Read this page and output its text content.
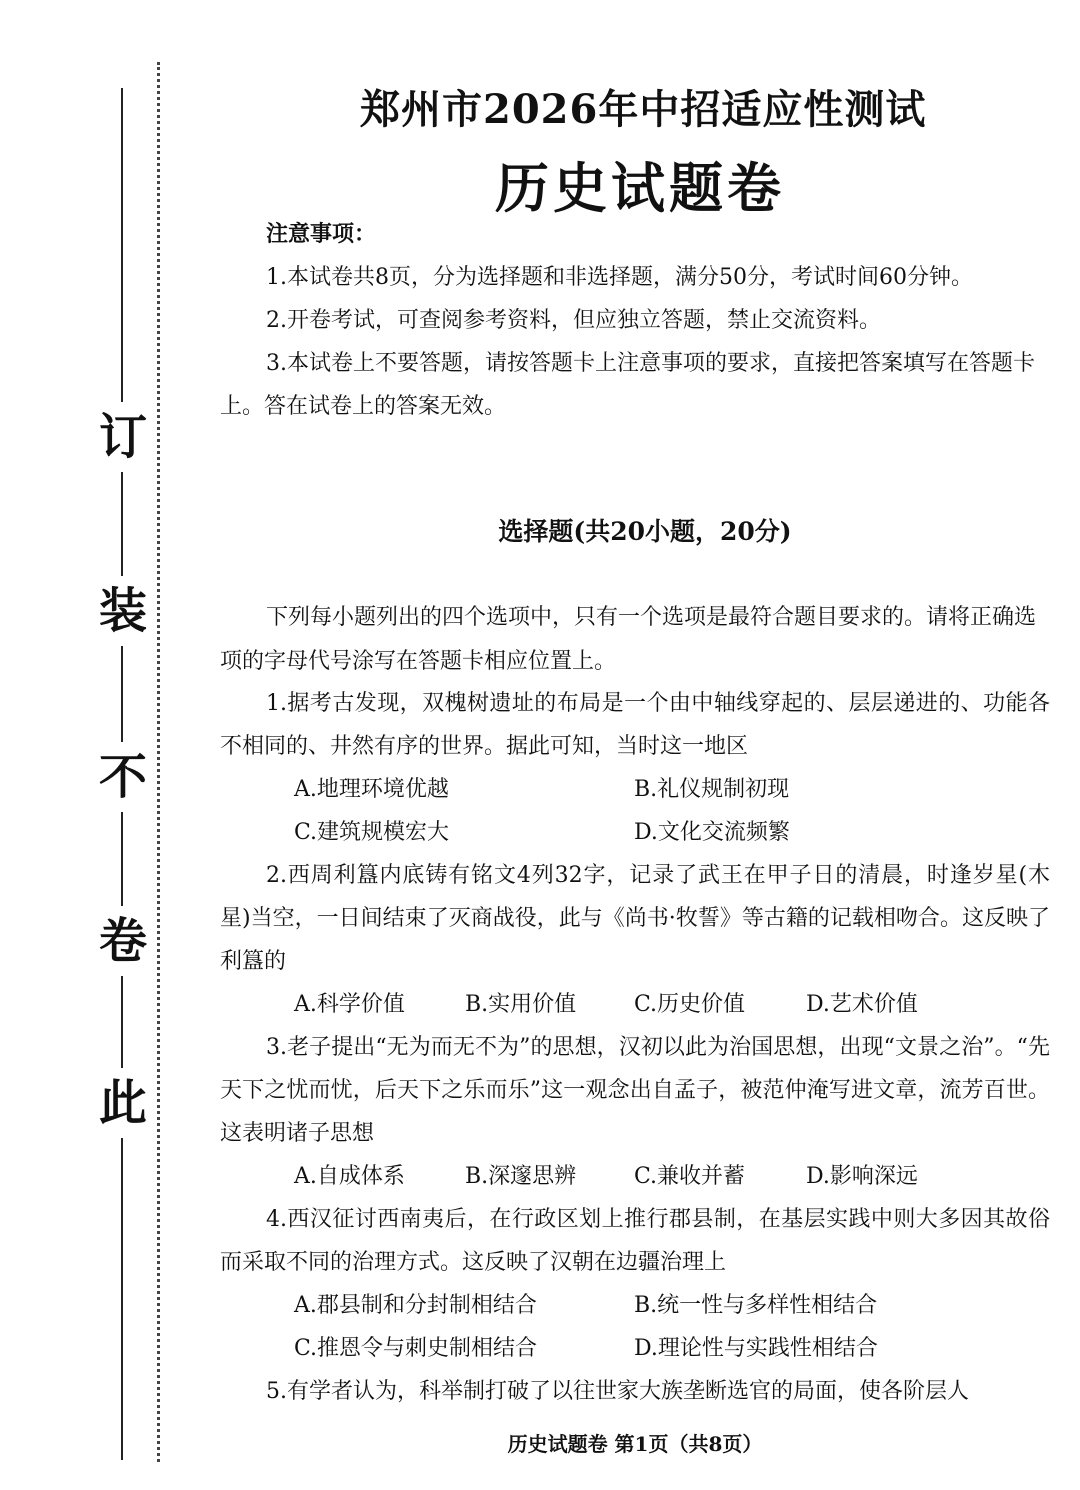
订
装
不
卷
此
郑州市2026年中招适应性测试
历史试题卷
注意事项：
1.本试卷共8页，分为选择题和非选择题，满分50分，考试时间60分钟。
2.开卷考试，可查阅参考资料，但应独立答题，禁止交流资料。
3.本试卷上不要答题，请按答题卡上注意事项的要求，直接把答案填写在答题卡上。答在试卷上的答案无效。
选择题(共20小题，20分)
下列每小题列出的四个选项中，只有一个选项是最符合题目要求的。请将正确选项的字母代号涂写在答题卡相应位置上。
1.据考古发现，双槐树遗址的布局是一个由中轴线穿起的、层层递进的、功能各不相同的、井然有序的世界。据此可知，当时这一地区
A.地理环境优越	B.礼仪规制初现
C.建筑规模宏大	D.文化交流频繁
2.西周利簋内底铸有铭文4列32字，记录了武王在甲子日的清晨，时逢岁星(木星)当空，一日间结束了灭商战役，此与《尚书·牧誓》等古籍的记载相吻合。这反映了利簋的
A.科学价值	B.实用价值	C.历史价值	D.艺术价值
3.老子提出“无为而无不为”的思想，汉初以此为治国思想，出现“文景之治”。“先天下之忧而忧，后天下之乐而乐”这一观念出自孟子，被范仲淹写进文章，流芳百世。这表明诸子思想
A.自成体系	B.深邃思辨	C.兼收并蓄	D.影响深远
4.西汉征讨西南夷后，在行政区划上推行郡县制，在基层实践中则大多因其故俗而采取不同的治理方式。这反映了汉朝在边疆治理上
A.郡县制和分封制相结合	B.统一性与多样性相结合
C.推恩令与刺史制相结合	D.理论性与实践性相结合
5.有学者认为，科举制打破了以往世家大族垄断选官的局面，使各阶层人
历史试题卷 第1页（共8页）
